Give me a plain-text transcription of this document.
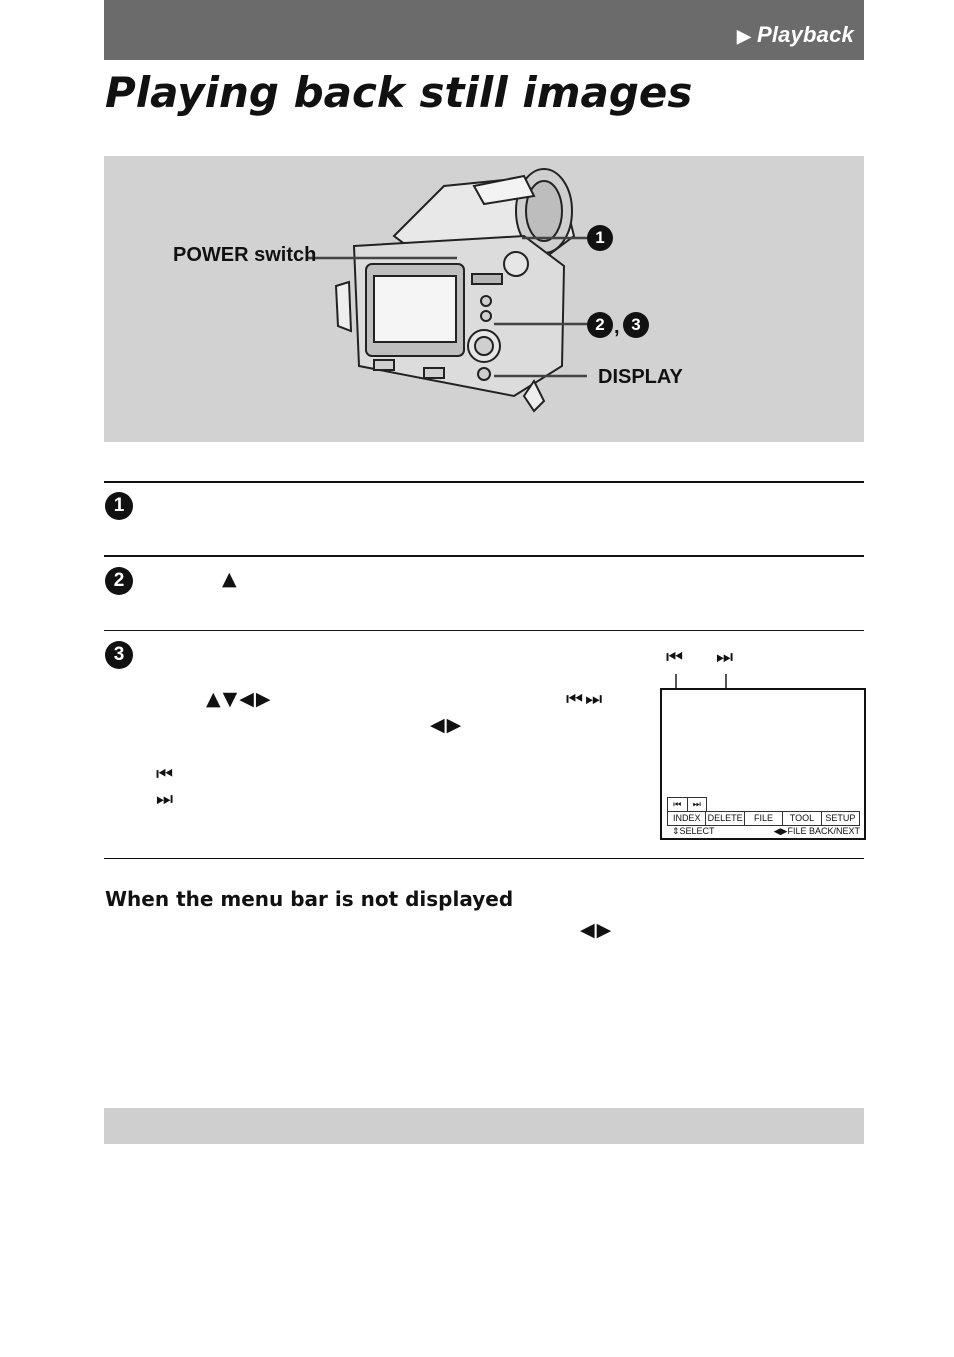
▶ Playback
Playing back still images
POWER switch
DISPLAY
1
2 , 3
1
2	▲
3
▲▼◀▶
◀▶
⏮⏭
⏮
⏭
⏮ ⏭
⏮	⏭
INDEX DELETE	FILE	TOOL	SETUP
⇕SELECT	◀▶FILE BACK/NEXT
When the menu bar is not displayed
◀▶
